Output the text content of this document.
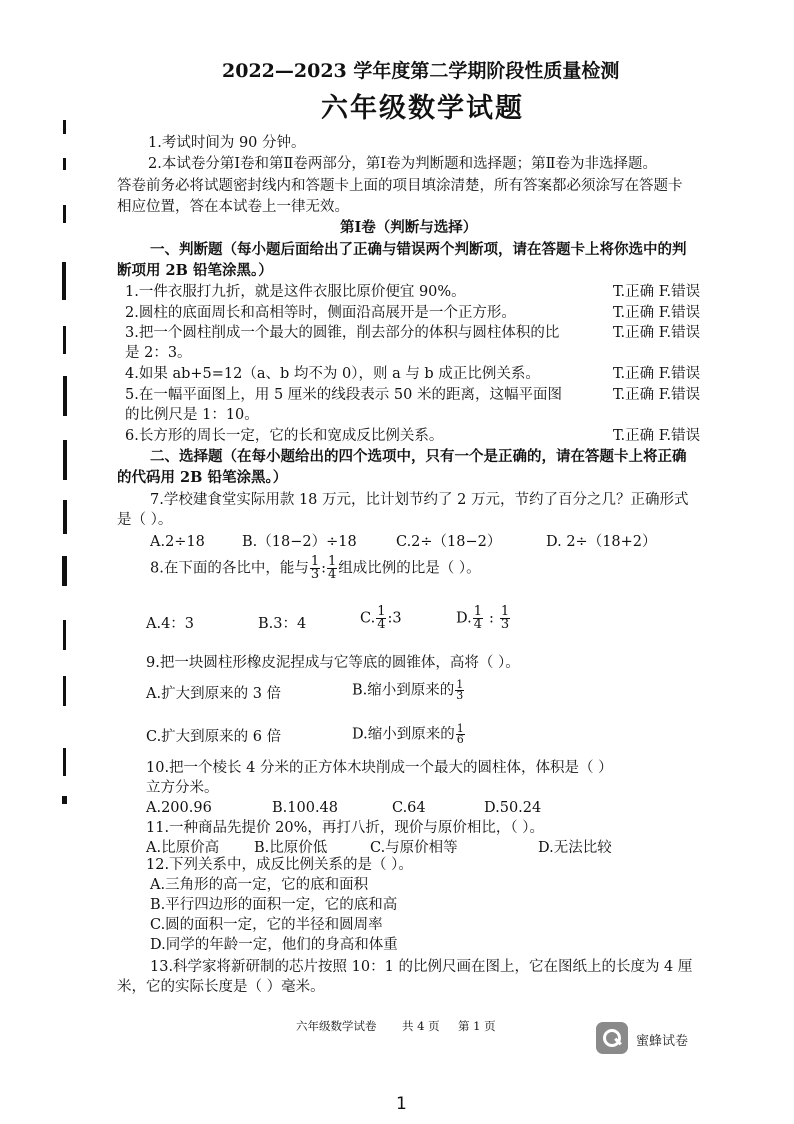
2022—2023 学年度第二学期阶段性质量检测
六年级数学试题
1.考试时间为 90 分钟。
2.本试卷分第Ⅰ卷和第Ⅱ卷两部分，第Ⅰ卷为判断题和选择题；第Ⅱ卷为非选择题。
答卷前务必将试题密封线内和答题卡上面的项目填涂清楚，所有答案都必须涂写在答题卡
相应位置，答在本试卷上一律无效。
第Ⅰ卷（判断与选择）
一、判断题（每小题后面给出了正确与错误两个判断项，请在答题卡上将你选中的判
断项用 2B 铅笔涂黑。）
1.一件衣服打九折，就是这件衣服比原价便宜 90%。	T.正确 F.错误
2.圆柱的底面周长和高相等时，侧面沿高展开是一个正方形。	T.正确 F.错误
3.把一个圆柱削成一个最大的圆锥，削去部分的体积与圆柱体积的比	T.正确 F.错误
是 2：3。
4.如果 ab+5=12（a、b 均不为 0），则 a 与 b 成正比例关系。	T.正确 F.错误
5.在一幅平面图上，用 5 厘米的线段表示 50 米的距离，这幅平面图	T.正确 F.错误
的比例尺是 1：10。
6.长方形的周长一定，它的长和宽成反比例关系。	T.正确 F.错误
二、选择题（在每小题给出的四个选项中，只有一个是正确的，请在答题卡上将正确
的代码用 2B 铅笔涂黑。）
7.学校建食堂实际用款 18 万元，比计划节约了 2 万元，节约了百分之几？正确形式
是（ ）。
A.2÷18	B.（18−2）÷18	C.2÷（18−2）	D. 2÷（18+2）
8.在下面的各比中，能与 $\frac{1}{3}$ : $\frac{1}{4}$ 组成比例的比是（ ）。
A.4：3	B.3：4	C. $\frac{1}{4}$ :3	D. $\frac{1}{4}$ : $\frac{1}{3}$
9.把一块圆柱形橡皮泥捏成与它等底的圆锥体，高将（ ）。
A.扩大到原来的 3 倍	B.缩小到原来的 $\frac{1}{3}$
C.扩大到原来的 6 倍	D.缩小到原来的 $\frac{1}{6}$
10.把一个棱长 4 分米的正方体木块削成一个最大的圆柱体，体积是（ ）
立方分米。
A.200.96	B.100.48	C.64	D.50.24
11.一种商品先提价 20%，再打八折，现价与原价相比，（ ）。
A.比原价高 B.比原价低	C.与原价相等	D.无法比较
12.下列关系中，成反比例关系的是（ ）。
A.三角形的高一定，它的底和面积
B.平行四边形的面积一定，它的底和高
C.圆的面积一定，它的半径和圆周率
D.同学的年龄一定，他们的身高和体重
13.科学家将新研制的芯片按照 10：1 的比例尺画在图上，它在图纸上的长度为 4 厘
米，它的实际长度是（ ）毫米。
六年级数学试卷 共 4 页 第 1 页
蜜蜂试卷
1
